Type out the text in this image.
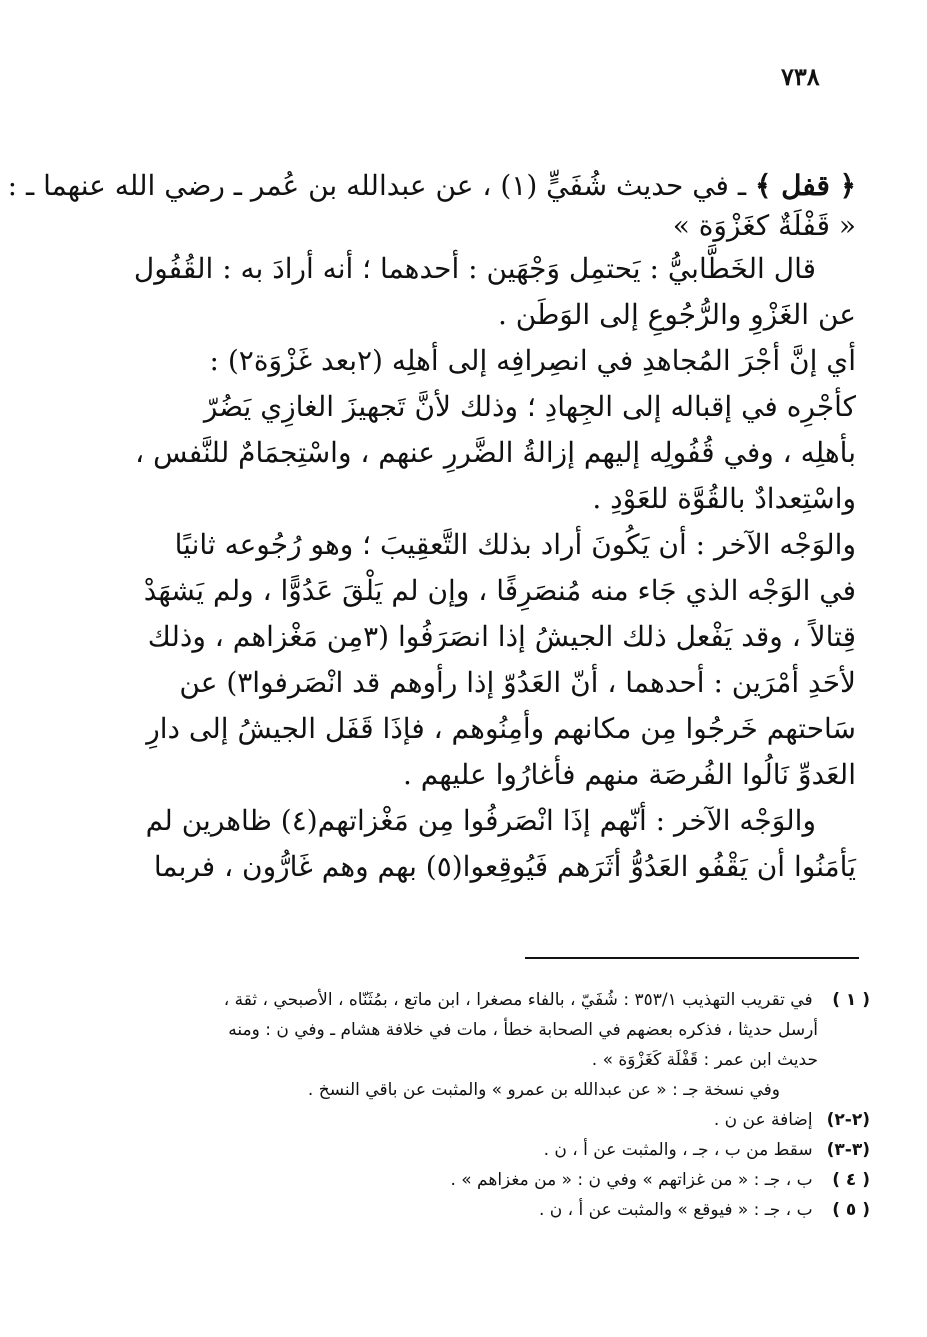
٧٣٨
﴿ قفل ﴾ ـ في حديث شُفَيٍّ (١) ، عن عبدالله بن عُمر ـ رضي الله عنهما ـ :
« قَفْلَةٌ كغَزْوَة »
قال الخَطَّابيُّ : يَحتمِل وَجْهَين : أحدهما ؛ أنه أرادَ به : القُفُول
عن الغَزْوِ والرُّجُوعِ إلى الوَطَن .
أي إنَّ أجْرَ المُجاهدِ في انصِرافِه إلى أهلِه (٢بعد غَزْوَة٢) :
كأجْرِه في إقباله إلى الجِهادِ ؛ وذلك لأنَّ تَجهيزَ الغازِي يَضُرّ
بأهلِه ، وفي قُفُولِه إليهم إزالةُ الضَّررِ عنهم ، واسْتِجمَامٌ للنَّفس ،
واسْتِعدادٌ بالقُوَّة للعَوْدِ .
والوَجْه الآخر : أن يَكُونَ أراد بذلك التَّعقِيبَ ؛ وهو رُجُوعه ثانيًا
في الوَجْه الذي جَاء منه مُنصَرِفًا ، وإن لم يَلْقَ عَدُوًّا ، ولم يَشهَدْ
قِتالاً ، وقد يَفْعل ذلك الجيشُ إذا انصَرَفُوا (٣مِن مَغْزاهم ، وذلك
لأحَدِ أمْرَين : أحدهما ، أنّ العَدُوّ إذا رأوهم قد انْصَرفوا٣) عن
سَاحتهم خَرجُوا مِن مكانهم وأمِنُوهم ، فإذَا قَفَل الجيشُ إلى دارِ
العَدوِّ نَالُوا الفُرصَة منهم فأغارُوا عليهم .
والوَجْه الآخر : أنّهم إذَا انْصَرفُوا مِن مَغْزاتهم(٤) ظاهرين لم
يَأمَنُوا أن يَقْفُو العَدُوُّ أثَرَهم فَيُوقِعوا(٥) بهم وهم غَارُّون ، فربما
( ١ ) في تقريب التهذيب ٣٥٣/١ : شُفَيّ ، بالفاء مصغرا ، ابن ماتع ، بمُثَنّاه ، الأصبحي ، ثقة ،
أرسل حديثا ، فذكره بعضهم في الصحابة خطأ ، مات في خلافة هشام ـ وفي ن : ومنه
حديث ابن عمر : قَفْلَة كَغَزْوَة » .
وفي نسخة جـ : « عن عبدالله بن عمرو » والمثبت عن باقي النسخ .
(٢-٢) إضافة عن ن .
(٣-٣) سقط من ب ، جـ ، والمثبت عن أ ، ن .
( ٤ ) ب ، جـ : « من غزاتهم » وفي ن : « من مغزاهم » .
( ٥ ) ب ، جـ : « فيوقع » والمثبت عن أ ، ن .
